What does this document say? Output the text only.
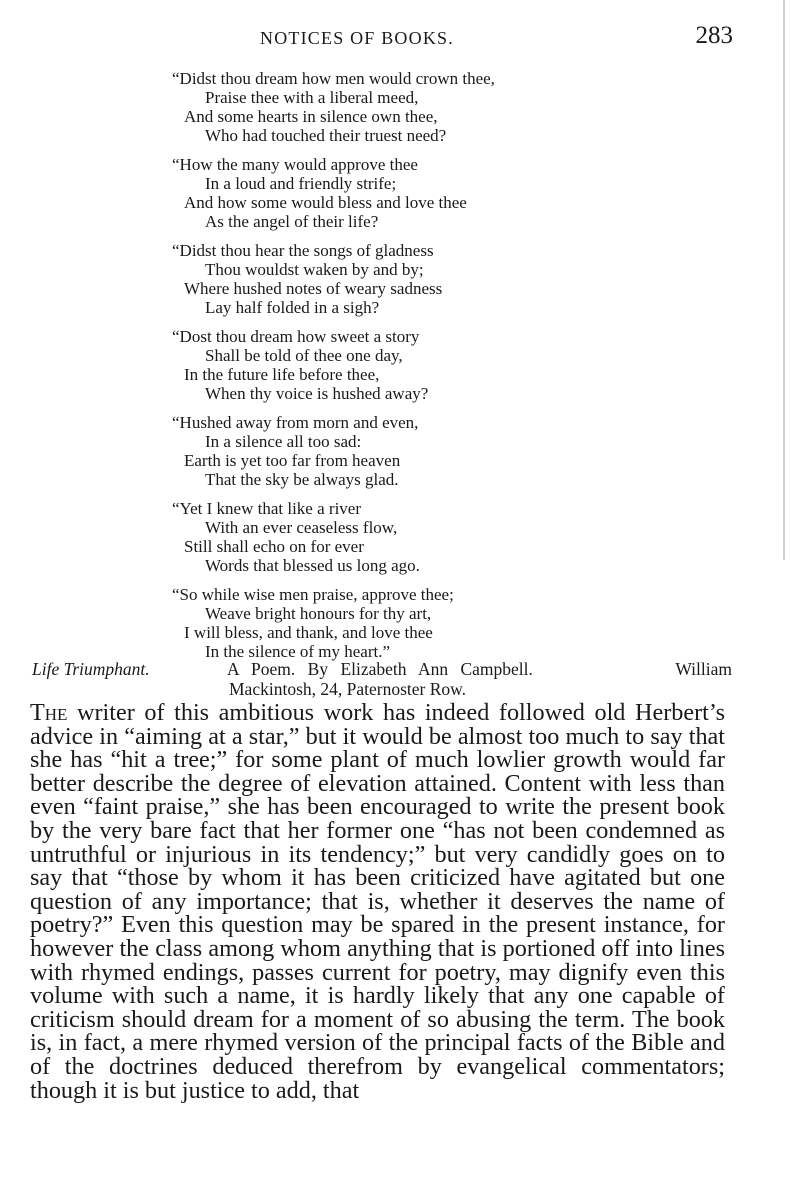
NOTICES OF BOOKS.	283
“Didst thou dream how men would crown thee,
Praise thee with a liberal meed,
And some hearts in silence own thee,
Who had touched their truest need?
“How the many would approve thee
In a loud and friendly strife;
And how some would bless and love thee
As the angel of their life?
“Didst thou hear the songs of gladness
Thou wouldst waken by and by;
Where hushed notes of weary sadness
Lay half folded in a sigh?
“Dost thou dream how sweet a story
Shall be told of thee one day,
In the future life before thee,
When thy voice is hushed away?
“Hushed away from morn and even,
In a silence all too sad:
Earth is yet too far from heaven
That the sky be always glad.
“Yet I knew that like a river
With an ever ceaseless flow,
Still shall echo on for ever
Words that blessed us long ago.
“So while wise men praise, approve thee;
Weave bright honours for thy art,
I will bless, and thank, and love thee
In the silence of my heart.”
Life Triumphant.	A Poem. By Elizabeth Ann Campbell.	William
Mackintosh, 24, Paternoster Row.

The writer of this ambitious work has indeed followed old Herbert’s advice in “aiming at a star,” but it would be almost too much to say that she has “hit a tree;” for some plant of much lowlier growth would far better describe the degree of elevation attained. Content with less than even “faint praise,” she has been encouraged to write the present book by the very bare fact that her former one “has not been condemned as untruthful or injurious in its tendency;” but very candidly goes on to say that “those by whom it has been criticized have agitated but one question of any importance; that is, whether it deserves the name of poetry?” Even this question may be spared in the present instance, for however the class among whom anything that is portioned off into lines with rhymed endings, passes current for poetry, may dignify even this volume with such a name, it is hardly likely that any one capable of criticism should dream for a moment of so abusing the term. The book is, in fact, a mere rhymed version of the principal facts of the Bible and of the doctrines deduced therefrom by evangelical commentators; though it is but justice to add, that
